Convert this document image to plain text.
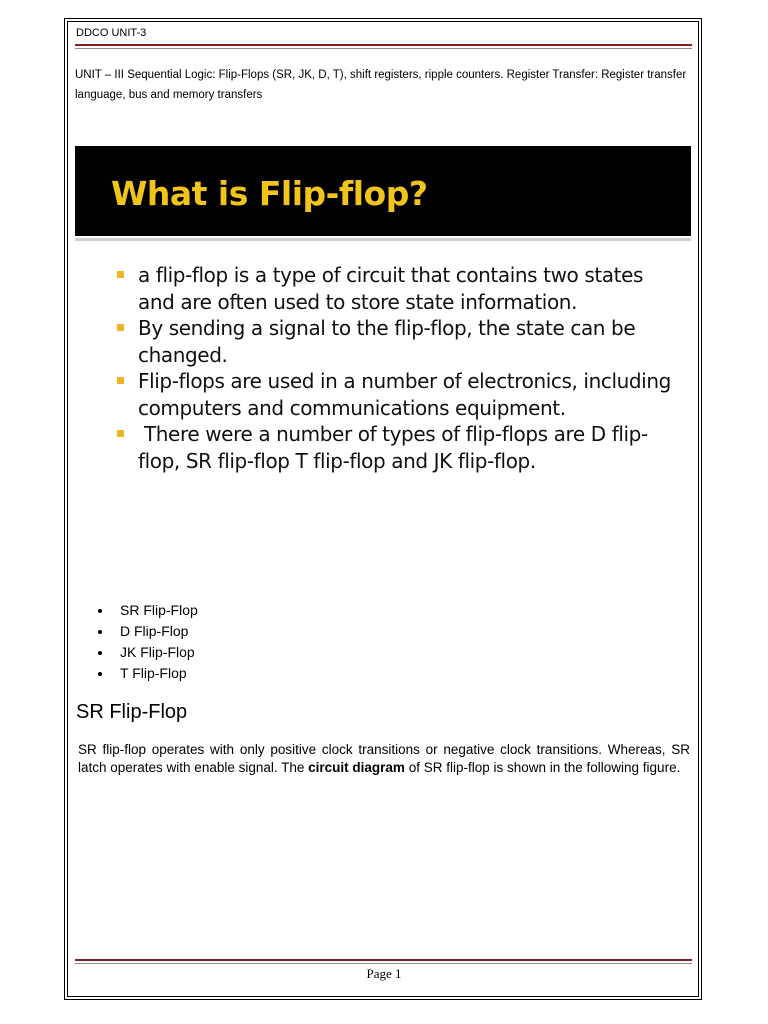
DDCO UNIT-3
UNIT – III Sequential Logic: Flip-Flops (SR, JK, D, T), shift registers, ripple counters. Register Transfer: Register transfer language, bus and memory transfers
What is Flip-flop?
a flip-flop is a type of circuit that contains two states and are often used to store state information.
By sending a signal to the flip-flop, the state can be changed.
Flip-flops are used in a number of electronics, including computers and communications equipment.
There were a number of types of flip-flops are D flip-flop, SR flip-flop T flip-flop and JK flip-flop.
SR Flip-Flop
D Flip-Flop
JK Flip-Flop
T Flip-Flop
SR Flip-Flop
SR flip-flop operates with only positive clock transitions or negative clock transitions. Whereas, SR latch operates with enable signal. The circuit diagram of SR flip-flop is shown in the following figure.
Page 1
